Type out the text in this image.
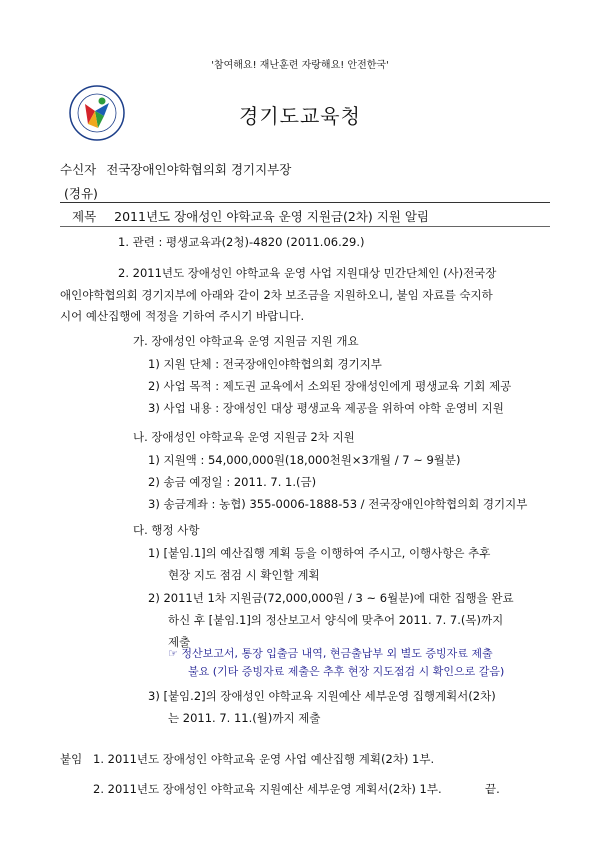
'참여해요! 재난훈련 자랑해요! 안전한국'
경기도교육청
수신자 전국장애인야학협의회 경기지부장
(경유)
제목 2011년도 장애성인 야학교육 운영 지원금(2차) 지원 알림
1. 관련 : 평생교육과(2청)-4820 (2011.06.29.)
2. 2011년도 장애성인 야학교육 운영 사업 지원대상 민간단체인 (사)전국장
애인야학협의회 경기지부에 아래와 같이 2차 보조금을 지원하오니, 붙임 자료를 숙지하
시어 예산집행에 적정을 기하여 주시기 바랍니다.
가. 장애성인 야학교육 운영 지원금 지원 개요
1) 지원 단체 : 전국장애인야학협의회 경기지부
2) 사업 목적 : 제도권 교육에서 소외된 장애성인에게 평생교육 기회 제공
3) 사업 내용 : 장애성인 대상 평생교육 제공을 위하여 야학 운영비 지원
나. 장애성인 야학교육 운영 지원금 2차 지원
1) 지원액 : 54,000,000원(18,000천원×3개월 / 7 ~ 9월분)
2) 송금 예정일 : 2011. 7. 1.(금)
3) 송금계좌 : 농협) 355-0006-1888-53 / 전국장애인야학협의회 경기지부
다. 행정 사항
1) [붙임.1]의 예산집행 계획 등을 이행하여 주시고, 이행사항은 추후
현장 지도 점검 시 확인할 계획
2) 2011년 1차 지원금(72,000,000원 / 3 ~ 6월분)에 대한 집행을 완료
하신 후 [붙임.1]의 정산보고서 양식에 맞추어 2011. 7. 7.(목)까지
제출
☞ 정산보고서, 통장 입출금 내역, 현금출납부 외 별도 증빙자료 제출
불요 (기타 증빙자료 제출은 추후 현장 지도점검 시 확인으로 갈음)
3) [붙임.2]의 장애성인 야학교육 지원예산 세부운영 집행계획서(2차)
는 2011. 7. 11.(월)까지 제출
붙임 1. 2011년도 장애성인 야학교육 운영 사업 예산집행 계획(2차) 1부.
2. 2011년도 장애성인 야학교육 지원예산 세부운영 계획서(2차) 1부.	끝.
